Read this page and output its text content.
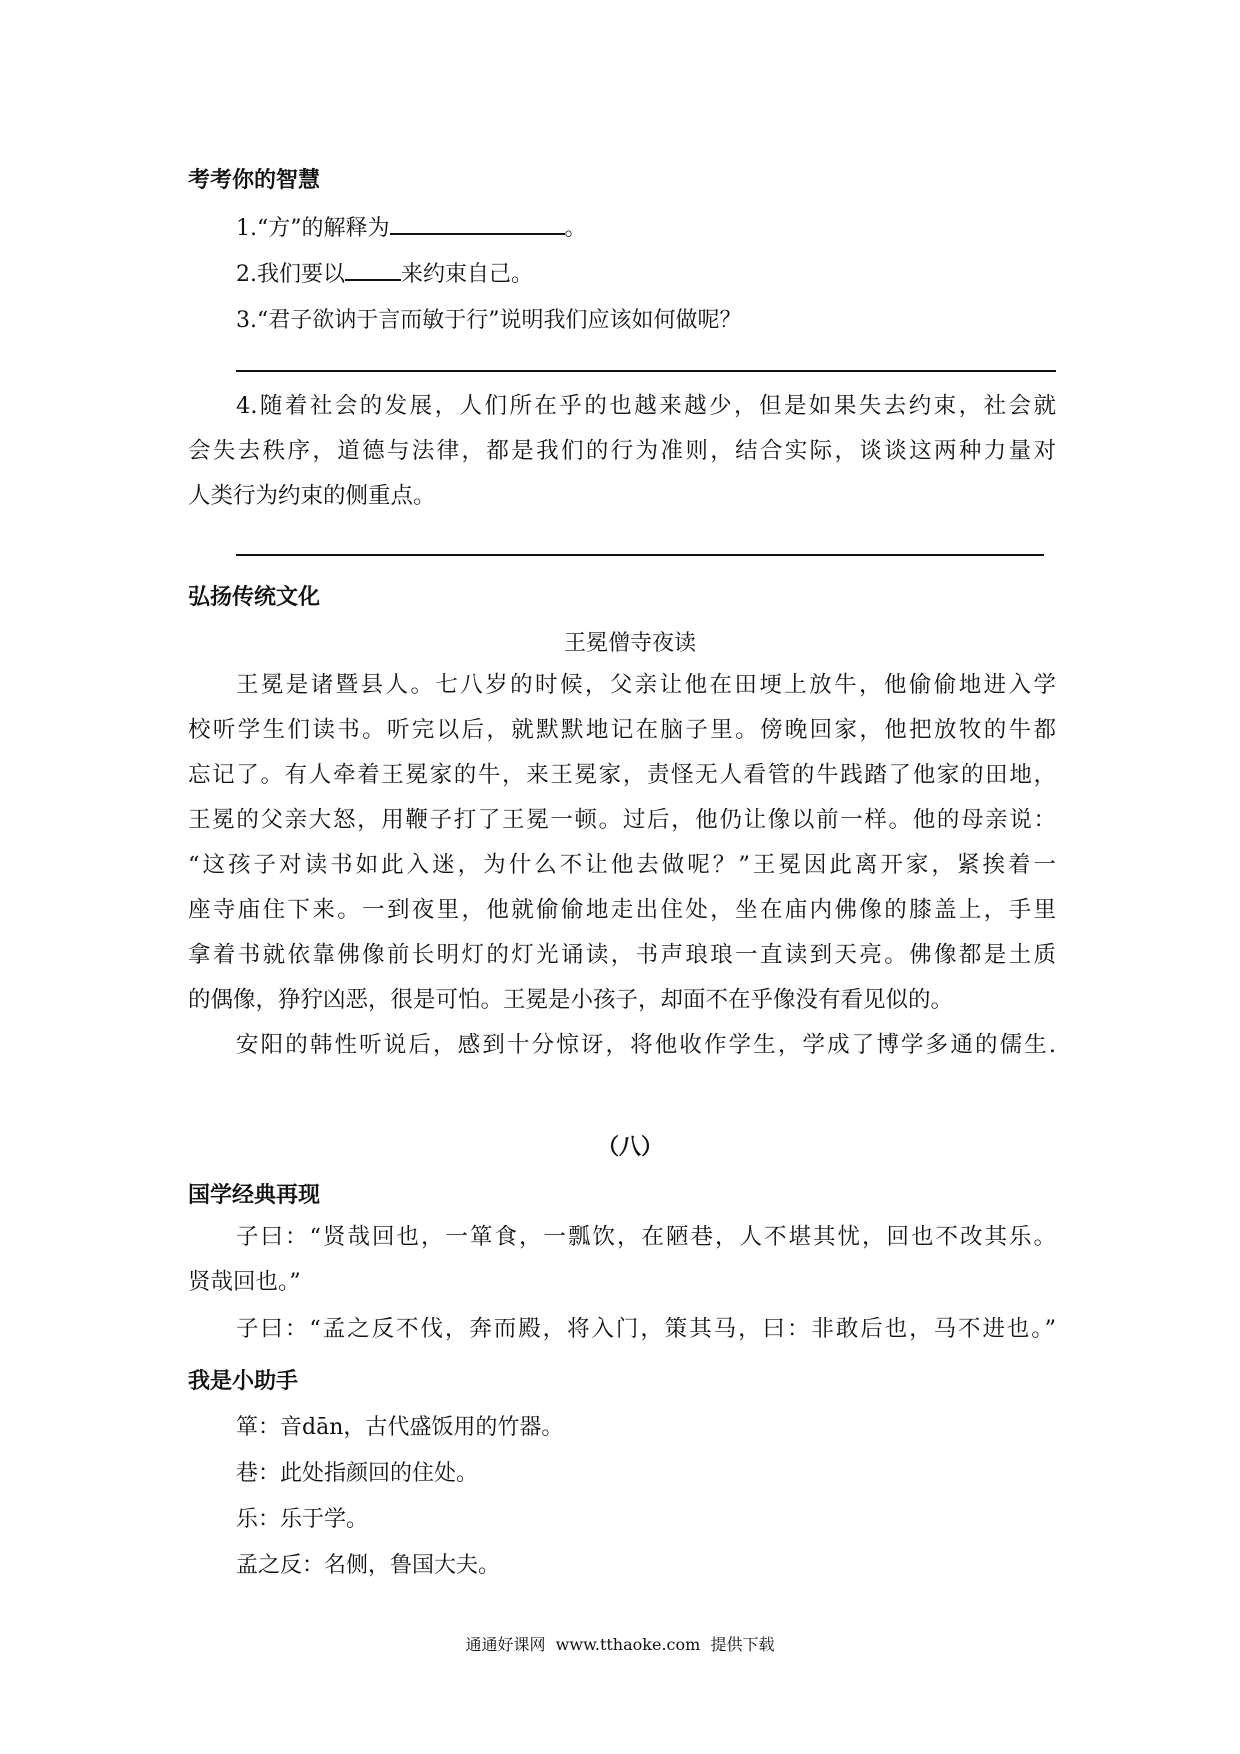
考考你的智慧
1.“方”的解释为	。
2.我们要以	来约束自己。
3.“君子欲讷于言而敏于行”说明我们应该如何做呢？
4.随着社会的发展，人们所在乎的也越来越少，但是如果失去约束，社会就
会失去秩序，道德与法律，都是我们的行为准则，结合实际，谈谈这两种力量对
人类行为约束的侧重点。
弘扬传统文化
王冕僧寺夜读
王冕是诸暨县人。七八岁的时候，父亲让他在田埂上放牛，他偷偷地进入学
校听学生们读书。听完以后，就默默地记在脑子里。傍晚回家，他把放牧的牛都
忘记了。有人牵着王冕家的牛，来王冕家，责怪无人看管的牛践踏了他家的田地，
王冕的父亲大怒，用鞭子打了王冕一顿。过后，他仍让像以前一样。他的母亲说：
“这孩子对读书如此入迷，为什么不让他去做呢？”王冕因此离开家，紧挨着一
座寺庙住下来。一到夜里，他就偷偷地走出住处，坐在庙内佛像的膝盖上，手里
拿着书就依靠佛像前长明灯的灯光诵读，书声琅琅一直读到天亮。佛像都是土质
的偶像，狰狞凶恶，很是可怕。王冕是小孩子，却面不在乎像没有看见似的。
安阳的韩性听说后，感到十分惊讶，将他收作学生，学成了博学多通的儒生.
（八）
国学经典再现
子曰：“贤哉回也，一箪食，一瓢饮，在陋巷，人不堪其忧，回也不改其乐。
贤哉回也。”
子曰：“孟之反不伐，奔而殿，将入门，策其马，曰：非敢后也，马不进也。”
我是小助手
箪：音dān，古代盛饭用的竹器。
巷：此处指颜回的住处。
乐：乐于学。
孟之反：名侧，鲁国大夫。
通通好课网  www.tthaoke.com  提供下载
